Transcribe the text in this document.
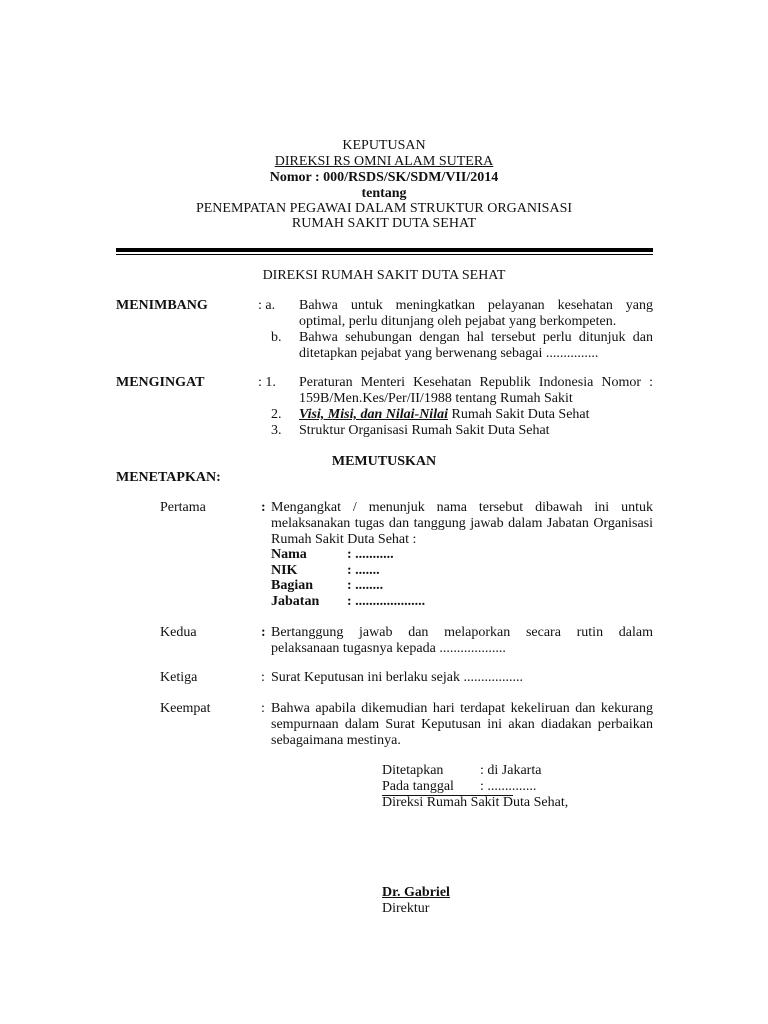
KEPUTUSAN
DIREKSI RS OMNI ALAM SUTERA
Nomor : 000/RSDS/SK/SDM/VII/2014
tentang
PENEMPATAN PEGAWAI DALAM STRUKTUR ORGANISASI
RUMAH SAKIT DUTA SEHAT
DIREKSI RUMAH SAKIT DUTA SEHAT
MENIMBANG	: a. Bahwa untuk meningkatkan pelayanan kesehatan yang
optimal, perlu ditunjang oleh pejabat yang berkompeten.
b. Bahwa sehubungan dengan hal tersebut perlu ditunjuk dan
ditetapkan pejabat yang berwenang sebagai ...............
MENGINGAT	: 1. Peraturan Menteri Kesehatan Republik Indonesia Nomor :
159B/Men.Kes/Per/II/1988 tentang Rumah Sakit
2. Visi, Misi, dan Nilai-Nilai Rumah Sakit Duta Sehat
3. Struktur Organisasi Rumah Sakit Duta Sehat
MEMUTUSKAN
MENETAPKAN:
Pertama	: Mengangkat / menunjuk nama tersebut dibawah ini untuk
melaksanakan tugas dan tanggung jawab dalam Jabatan Organisasi
Rumah Sakit Duta Sehat :
Nama	: ...........
NIK	: .......
Bagian : ........
Jabatan : ....................
Kedua	: Bertanggung jawab dan melaporkan secara rutin dalam
pelaksanaan tugasnya kepada ...................
Ketiga	: Surat Keputusan ini berlaku sejak .................
Keempat	: Bahwa apabila dikemudian hari terdapat kekeliruan dan kekurang
sempurnaan dalam Surat Keputusan ini akan diadakan perbaikan
sebagaimana mestinya.
Ditetapkan	: di Jakarta
Pada tanggal : ..............
Direksi Rumah Sakit Duta Sehat,
Dr. Gabriel
Direktur
